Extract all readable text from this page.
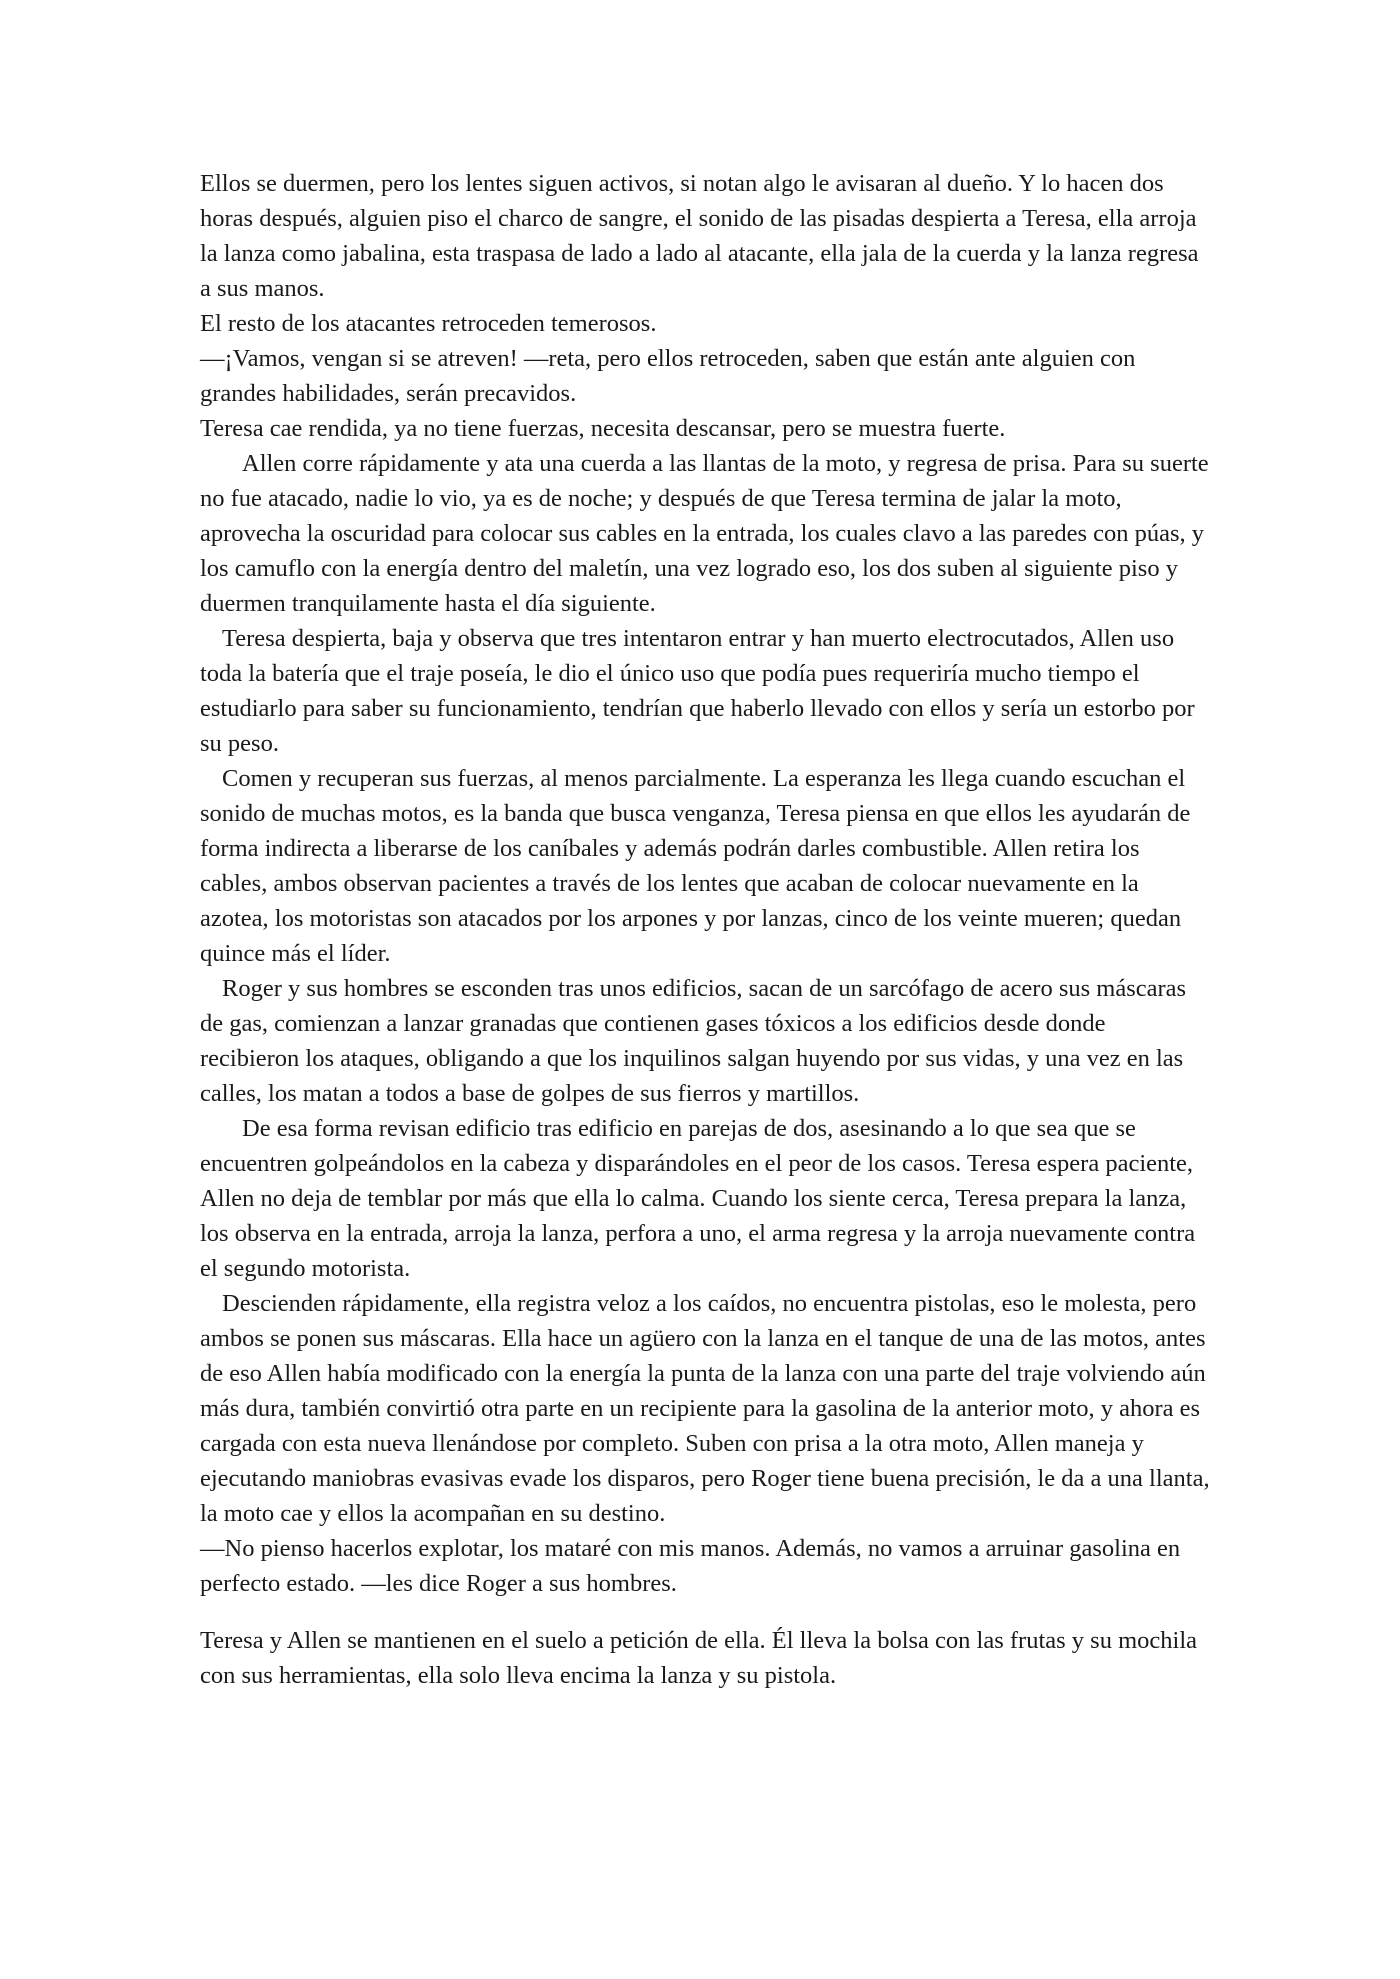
Ellos se duermen, pero los lentes siguen activos, si notan algo le avisaran al dueño. Y lo hacen dos horas después, alguien piso el charco de sangre, el sonido de las pisadas despierta a Teresa, ella arroja la lanza como jabalina, esta traspasa de lado a lado al atacante, ella jala de la cuerda y la lanza regresa a sus manos.

El resto de los atacantes retroceden temerosos.

—¡Vamos, vengan si se atreven! —reta, pero ellos retroceden, saben que están ante alguien con grandes habilidades, serán precavidos.

Teresa cae rendida, ya no tiene fuerzas, necesita descansar, pero se muestra fuerte.

Allen corre rápidamente y ata una cuerda a las llantas de la moto, y regresa de prisa. Para su suerte no fue atacado, nadie lo vio, ya es de noche; y después de que Teresa termina de jalar la moto, aprovecha la oscuridad para colocar sus cables en la entrada, los cuales clavo a las paredes con púas, y los camuflo con la energía dentro del maletín, una vez logrado eso, los dos suben al siguiente piso y duermen tranquilamente hasta el día siguiente.

Teresa despierta, baja y observa que tres intentaron entrar y han muerto electrocutados, Allen uso toda la batería que el traje poseía, le dio el único uso que podía pues requeriría mucho tiempo el estudiarlo para saber su funcionamiento, tendrían que haberlo llevado con ellos y sería un estorbo por su peso.

Comen y recuperan sus fuerzas, al menos parcialmente. La esperanza les llega cuando escuchan el sonido de muchas motos, es la banda que busca venganza, Teresa piensa en que ellos les ayudarán de forma indirecta a liberarse de los caníbales y además podrán darles combustible. Allen retira los cables, ambos observan pacientes a través de los lentes que acaban de colocar nuevamente en la azotea, los motoristas son atacados por los arpones y por lanzas, cinco de los veinte mueren; quedan quince más el líder.

Roger y sus hombres se esconden tras unos edificios, sacan de un sarcófago de acero sus máscaras de gas, comienzan a lanzar granadas que contienen gases tóxicos a los edificios desde donde recibieron los ataques, obligando a que los inquilinos salgan huyendo por sus vidas, y una vez en las calles, los matan a todos a base de golpes de sus fierros y martillos.

De esa forma revisan edificio tras edificio en parejas de dos, asesinando a lo que sea que se encuentren golpeándolos en la cabeza y disparándoles en el peor de los casos. Teresa espera paciente, Allen no deja de temblar por más que ella lo calma. Cuando los siente cerca, Teresa prepara la lanza, los observa en la entrada, arroja la lanza, perfora a uno, el arma regresa y la arroja nuevamente contra el segundo motorista.

Descienden rápidamente, ella registra veloz a los caídos, no encuentra pistolas, eso le molesta, pero ambos se ponen sus máscaras. Ella hace un agüero con la lanza en el tanque de una de las motos, antes de eso Allen había modificado con la energía la punta de la lanza con una parte del traje volviendo aún más dura, también convirtió otra parte en un recipiente para la gasolina de la anterior moto, y ahora es cargada con esta nueva llenándose por completo. Suben con prisa a la otra moto, Allen maneja y ejecutando maniobras evasivas evade los disparos, pero Roger tiene buena precisión, le da a una llanta, la moto cae y ellos la acompañan en su destino.

—No pienso hacerlos explotar, los mataré con mis manos. Además, no vamos a arruinar gasolina en perfecto estado. —les dice Roger a sus hombres.

Teresa y Allen se mantienen en el suelo a petición de ella. Él lleva la bolsa con las frutas y su mochila con sus herramientas, ella solo lleva encima la lanza y su pistola.
